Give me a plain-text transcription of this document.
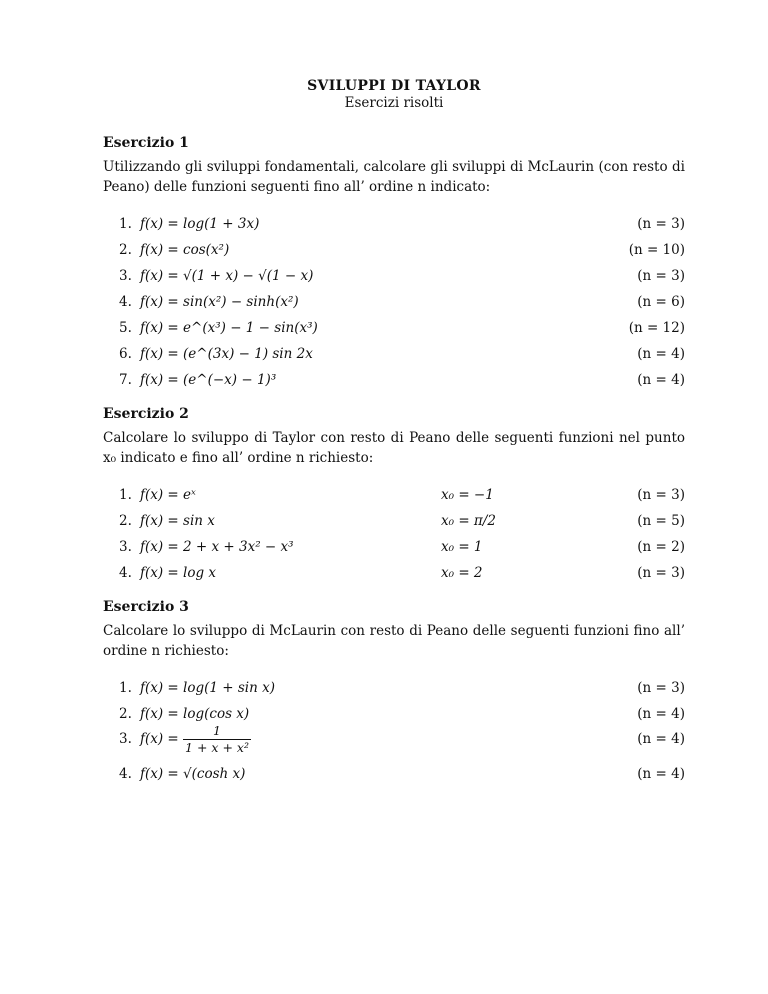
SVILUPPI DI TAYLOR
Esercizi risolti
Esercizio 1
Utilizzando gli sviluppi fondamentali, calcolare gli sviluppi di McLaurin (con resto di Peano) delle funzioni seguenti fino all’ ordine n indicato:
1. f(x) = log(1 + 3x)	(n = 3)
2. f(x) = cos(x²)	(n = 10)
3. f(x) = √(1 + x) − √(1 − x)	(n = 3)
4. f(x) = sin(x²) − sinh(x²)	(n = 6)
5. f(x) = e^(x³) − 1 − sin(x³)	(n = 12)
6. f(x) = (e^(3x) − 1) sin 2x	(n = 4)
7. f(x) = (e^(−x) − 1)³	(n = 4)
Esercizio 2
Calcolare lo sviluppo di Taylor con resto di Peano delle seguenti funzioni nel punto x₀ indicato e fino all’ ordine n richiesto:
1. f(x) = eˣ	x₀ = −1	(n = 3)
2. f(x) = sin x	x₀ = π/2	(n = 5)
3. f(x) = 2 + x + 3x² − x³	x₀ = 1	(n = 2)
4. f(x) = log x	x₀ = 2	(n = 3)
Esercizio 3
Calcolare lo sviluppo di McLaurin con resto di Peano delle seguenti funzioni fino all’ ordine n richiesto:
1. f(x) = log(1 + sin x)	(n = 3)
2. f(x) = log(cos x)	(n = 4)
3. $f(x) = \frac{1}{\text{1 + x + x²}}$	(n = 4)
4. f(x) = √(cosh x)	(n = 4)
